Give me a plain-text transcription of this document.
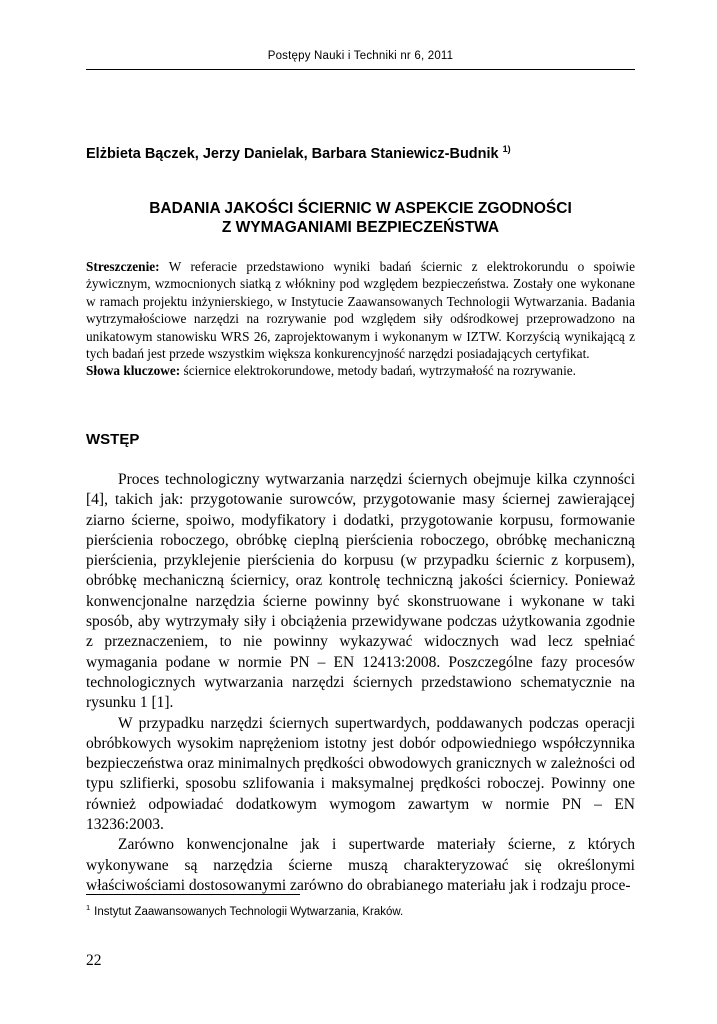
Postępy Nauki i Techniki nr 6, 2011
Elżbieta Bączek, Jerzy Danielak, Barbara Staniewicz-Budnik $^{1)}$
BADANIA JAKOŚCI ŚCIERNIC W ASPEKCIE ZGODNOŚCI
Z WYMAGANIAMI BEZPIECZEŃSTWA

Streszczenie: W referacie przedstawiono wyniki badań ściernic z elektrokorundu o spoiwie żywicznym, wzmocnionych siatką z włókniny pod względem bezpieczeństwa. Zostały one wykonane w ramach projektu inżynierskiego, w Instytucie Zaawansowanych Technologii Wytwarzania. Badania wytrzymałościowe narzędzi na rozrywanie pod względem siły odśrodkowej przeprowadzono na unikatowym stanowisku WRS 26, zaprojektowanym i wykonanym w IZTW. Korzyścią wynikającą z tych badań jest przede wszystkim większa konkurencyjność narzędzi posiadających certyfikat.

Słowa kluczowe: ściernice elektrokorundowe, metody badań, wytrzymałość na rozrywanie.

WSTĘP

Proces technologiczny wytwarzania narzędzi ściernych obejmuje kilka czynności [4], takich jak: przygotowanie surowców, przygotowanie masy ściernej zawierającej ziarno ścierne, spoiwo, modyfikatory i dodatki, przygotowanie korpusu, formowanie pierścienia roboczego, obróbkę cieplną pierścienia roboczego, obróbkę mechaniczną pierścienia, przyklejenie pierścienia do korpusu (w przypadku ściernic z korpusem), obróbkę mechaniczną ściernicy, oraz kontrolę techniczną jakości ściernicy. Ponieważ konwencjonalne narzędzia ścierne powinny być skonstruowane i wykonane w taki sposób, aby wytrzymały siły i obciążenia przewidywane podczas użytkowania zgodnie z przeznaczeniem, to nie powinny wykazywać widocznych wad lecz spełniać wymagania podane w normie PN – EN 12413:2008. Poszczególne fazy procesów technologicznych wytwarzania narzędzi ściernych przedstawiono schematycznie na rysunku 1 [1].

W przypadku narzędzi ściernych supertwardych, poddawanych podczas operacji obróbkowych wysokim naprężeniom istotny jest dobór odpowiedniego współczynnika bezpieczeństwa oraz minimalnych prędkości obwodowych granicznych w zależności od typu szlifierki, sposobu szlifowania i maksymalnej prędkości roboczej. Powinny one również odpowiadać dodatkowym wymogom zawartym w normie PN – EN 13236:2003.

Zarówno konwencjonalne jak i supertwarde materiały ścierne, z których wykonywane są narzędzia ścierne muszą charakteryzować się określonymi właściwościami dostosowanymi zarówno do obrabianego materiału jak i rodzaju proce-

$^1$ Instytut Zaawansowanych Technologii Wytwarzania, Kraków.
22
